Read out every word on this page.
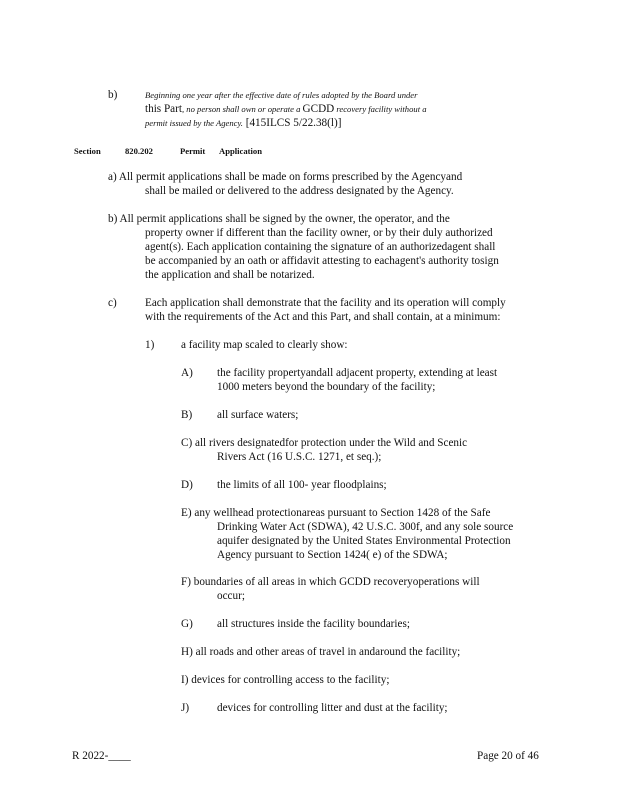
b)	Beginning one year after the effective date of rules adopted by the Board under
this Part, no person shall own or operate a GCDD recovery facility without a
permit issued by the Agency. [415ILCS 5/22.38(l)]
Section	820.202	Permit Application
a) All permit applications shall be made on forms prescribed by the Agencyand
shall be mailed or delivered to the address designated by the Agency.
b) All permit applications shall be signed by the owner, the operator, and the
property owner if different than the facility owner, or by their duly authorized
agent(s). Each application containing the signature of an authorizedagent shall
be accompanied by an oath or affidavit attesting to eachagent's authority tosign
the application and shall be notarized.
c)	Each application shall demonstrate that the facility and its operation will comply
with the requirements of the Act and this Part, and shall contain, at a minimum:
1) a facility map scaled to clearly show:
A) the facility propertyandall adjacent property, extending at least
1000 meters beyond the boundary of the facility;
B) all surface waters;
C) all rivers designatedfor protection under the Wild and Scenic
Rivers Act (16 U.S.C. 1271, et seq.);
D) the limits of all 100- year floodplains;
E) any wellhead protectionareas pursuant to Section 1428 of the Safe
Drinking Water Act (SDWA), 42 U.S.C. 300f, and any sole source
aquifer designated by the United States Environmental Protection
Agency pursuant to Section 1424( e) of the SDWA;
F) boundaries of all areas in which GCDD recoveryoperations will
occur;
G) all structures inside the facility boundaries;
H) all roads and other areas of travel in andaround the facility;
I) devices for controlling access to the facility;
J) devices for controlling litter and dust at the facility;
R 2022-____	Page 20 of 46
